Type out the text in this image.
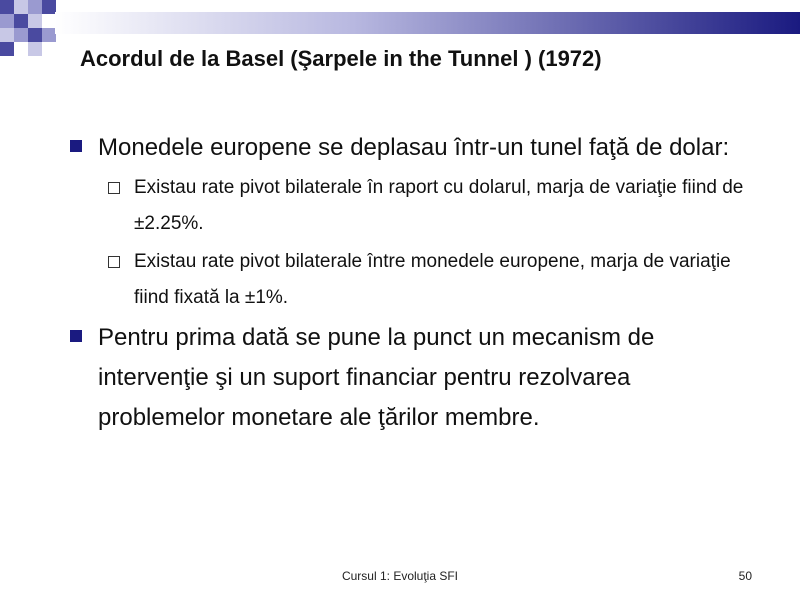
Acordul de la Basel (Şarpele in the Tunnel ) (1972)
Monedele europene se deplasau într-un tunel faţă de dolar:
Existau rate pivot bilaterale în raport cu dolarul, marja de variaţie fiind de ±2.25%.
Existau rate pivot bilaterale între monedele europene, marja de variaţie fiind fixată la ±1%.
Pentru prima dată se pune la punct un mecanism de intervenţie şi un suport financiar pentru rezolvarea problemelor monetare ale ţărilor membre.
Cursul 1: Evoluţia SFI	50
